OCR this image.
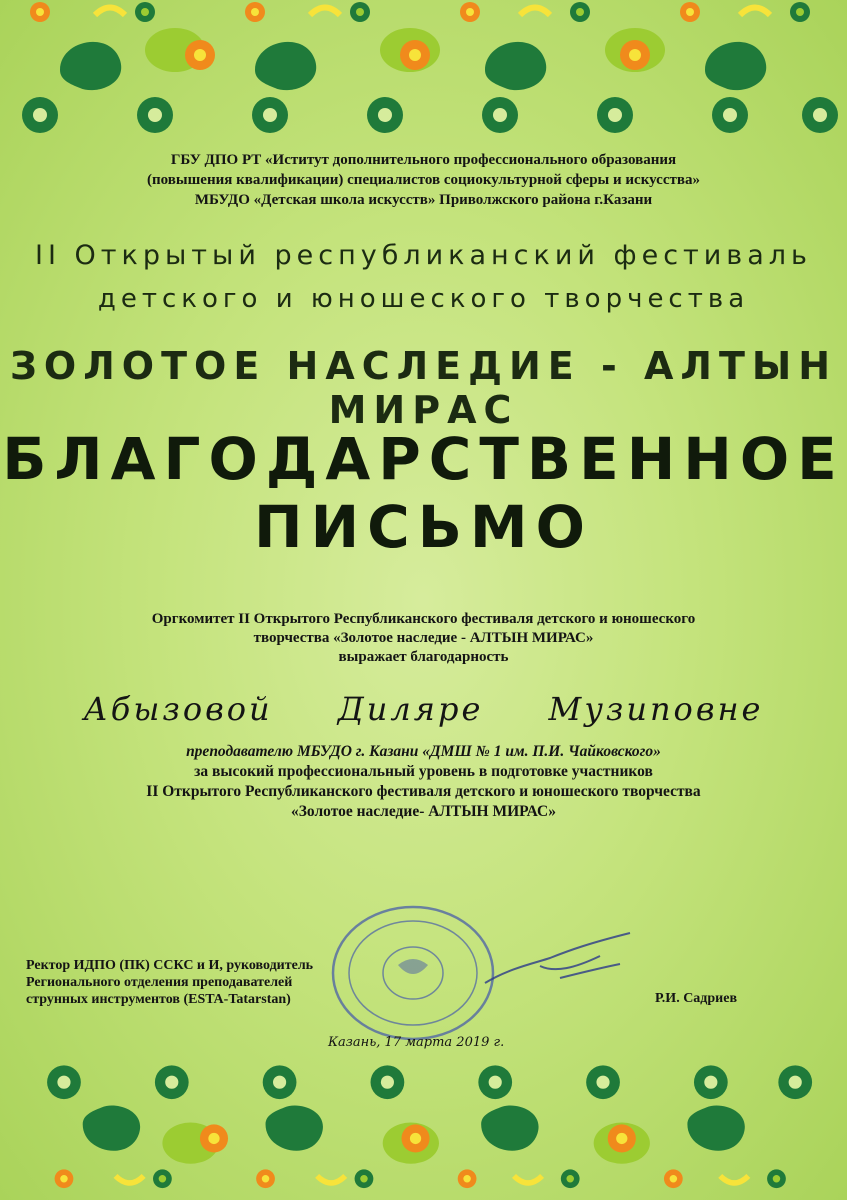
ГБУ ДПО РТ «Иститут дополнительного профессионального образования
(повышения квалификации) специалистов социокультурной сферы и искусства»
МБУДО «Детская школа искусств» Приволжского района г.Казани
II Открытый республиканский фестиваль
детского и юношеского творчества
ЗОЛОТОЕ НАСЛЕДИЕ - АЛТЫН МИРАС
БЛАГОДАРСТВЕННОЕ ПИСЬМО
Оргкомитет II Открытого Республиканского фестиваля детского и юношеского
творчества «Золотое наследие - АЛТЫН МИРАС»
выражает благодарность
Абызовой Диляре Музиповне
преподавателю МБУДО г. Казани «ДМШ № 1 им. П.И. Чайковского»
за высокий профессиональный уровень в подготовке участников
II Открытого Республиканского фестиваля детского и юношеского творчества
«Золотое наследие- АЛТЫН МИРАС»
Ректор ИДПО (ПК) ССКС и И, руководитель
Регионального отделения преподавателей
струнных инструментов (ESTA-Tatarstan)	Р.И. Садриев
Казань, 17 марта 2019 г.
